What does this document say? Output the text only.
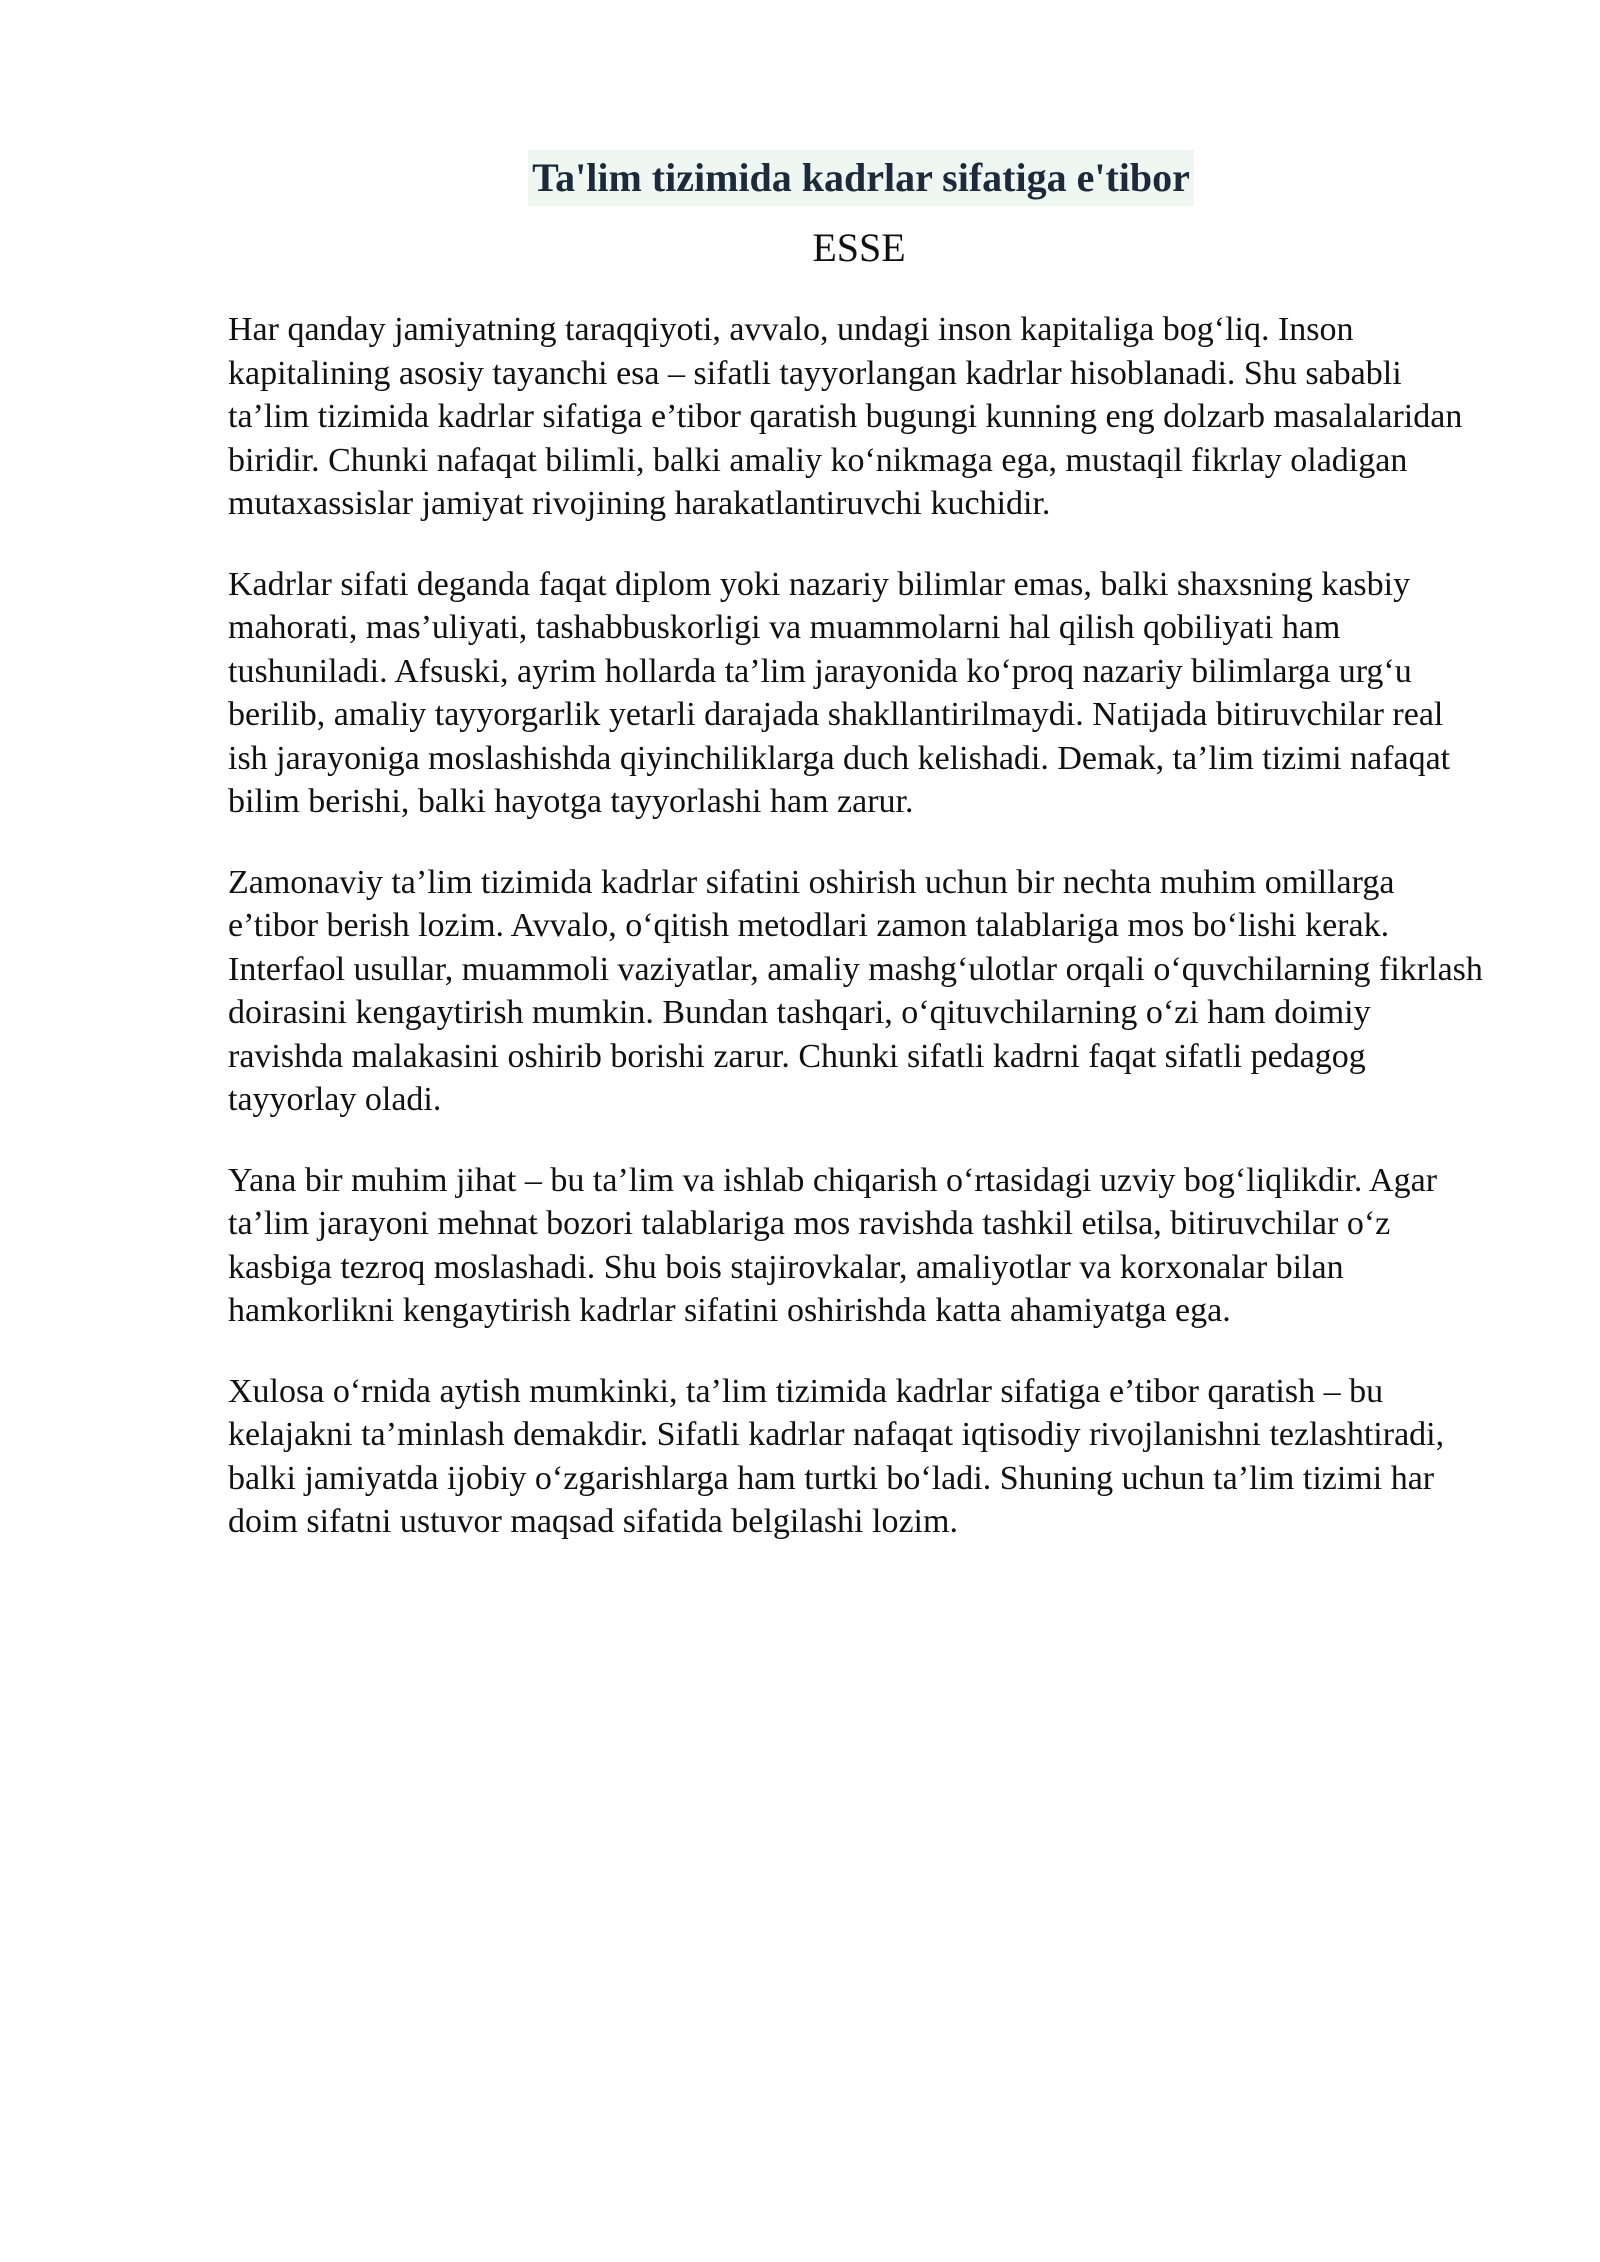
Ta'lim tizimida kadrlar sifatiga e'tibor
ESSE

Har qanday jamiyatning taraqqiyoti, avvalo, undagi inson kapitaliga bog‘liq. Inson kapitalining asosiy tayanchi esa – sifatli tayyorlangan kadrlar hisoblanadi. Shu sababli ta’lim tizimida kadrlar sifatiga e’tibor qaratish bugungi kunning eng dolzarb masalalaridan biridir. Chunki nafaqat bilimli, balki amaliy ko‘nikmaga ega, mustaqil fikrlay oladigan mutaxassislar jamiyat rivojining harakatlantiruvchi kuchidir.

Kadrlar sifati deganda faqat diplom yoki nazariy bilimlar emas, balki shaxsning kasbiy mahorati, mas’uliyati, tashabbuskorligi va muammolarni hal qilish qobiliyati ham tushuniladi. Afsuski, ayrim hollarda ta’lim jarayonida ko‘proq nazariy bilimlarga urg‘u berilib, amaliy tayyorgarlik yetarli darajada shakllantirilmaydi. Natijada bitiruvchilar real ish jarayoniga moslashishda qiyinchiliklarga duch kelishadi. Demak, ta’lim tizimi nafaqat bilim berishi, balki hayotga tayyorlashi ham zarur.

Zamonaviy ta’lim tizimida kadrlar sifatini oshirish uchun bir nechta muhim omillarga e’tibor berish lozim. Avvalo, o‘qitish metodlari zamon talablariga mos bo‘lishi kerak. Interfaol usullar, muammoli vaziyatlar, amaliy mashg‘ulotlar orqali o‘quvchilarning fikrlash doirasini kengaytirish mumkin. Bundan tashqari, o‘qituvchilarning o‘zi ham doimiy ravishda malakasini oshirib borishi zarur. Chunki sifatli kadrni faqat sifatli pedagog tayyorlay oladi.

Yana bir muhim jihat – bu ta’lim va ishlab chiqarish o‘rtasidagi uzviy bog‘liqlikdir. Agar ta’lim jarayoni mehnat bozori talablariga mos ravishda tashkil etilsa, bitiruvchilar o‘z kasbiga tezroq moslashadi. Shu bois stajirovkalar, amaliyotlar va korxonalar bilan hamkorlikni kengaytirish kadrlar sifatini oshirishda katta ahamiyatga ega.

Xulosa o‘rnida aytish mumkinki, ta’lim tizimida kadrlar sifatiga e’tibor qaratish – bu kelajakni ta’minlash demakdir. Sifatli kadrlar nafaqat iqtisodiy rivojlanishni tezlashtiradi, balki jamiyatda ijobiy o‘zgarishlarga ham turtki bo‘ladi. Shuning uchun ta’lim tizimi har doim sifatni ustuvor maqsad sifatida belgilashi lozim.
